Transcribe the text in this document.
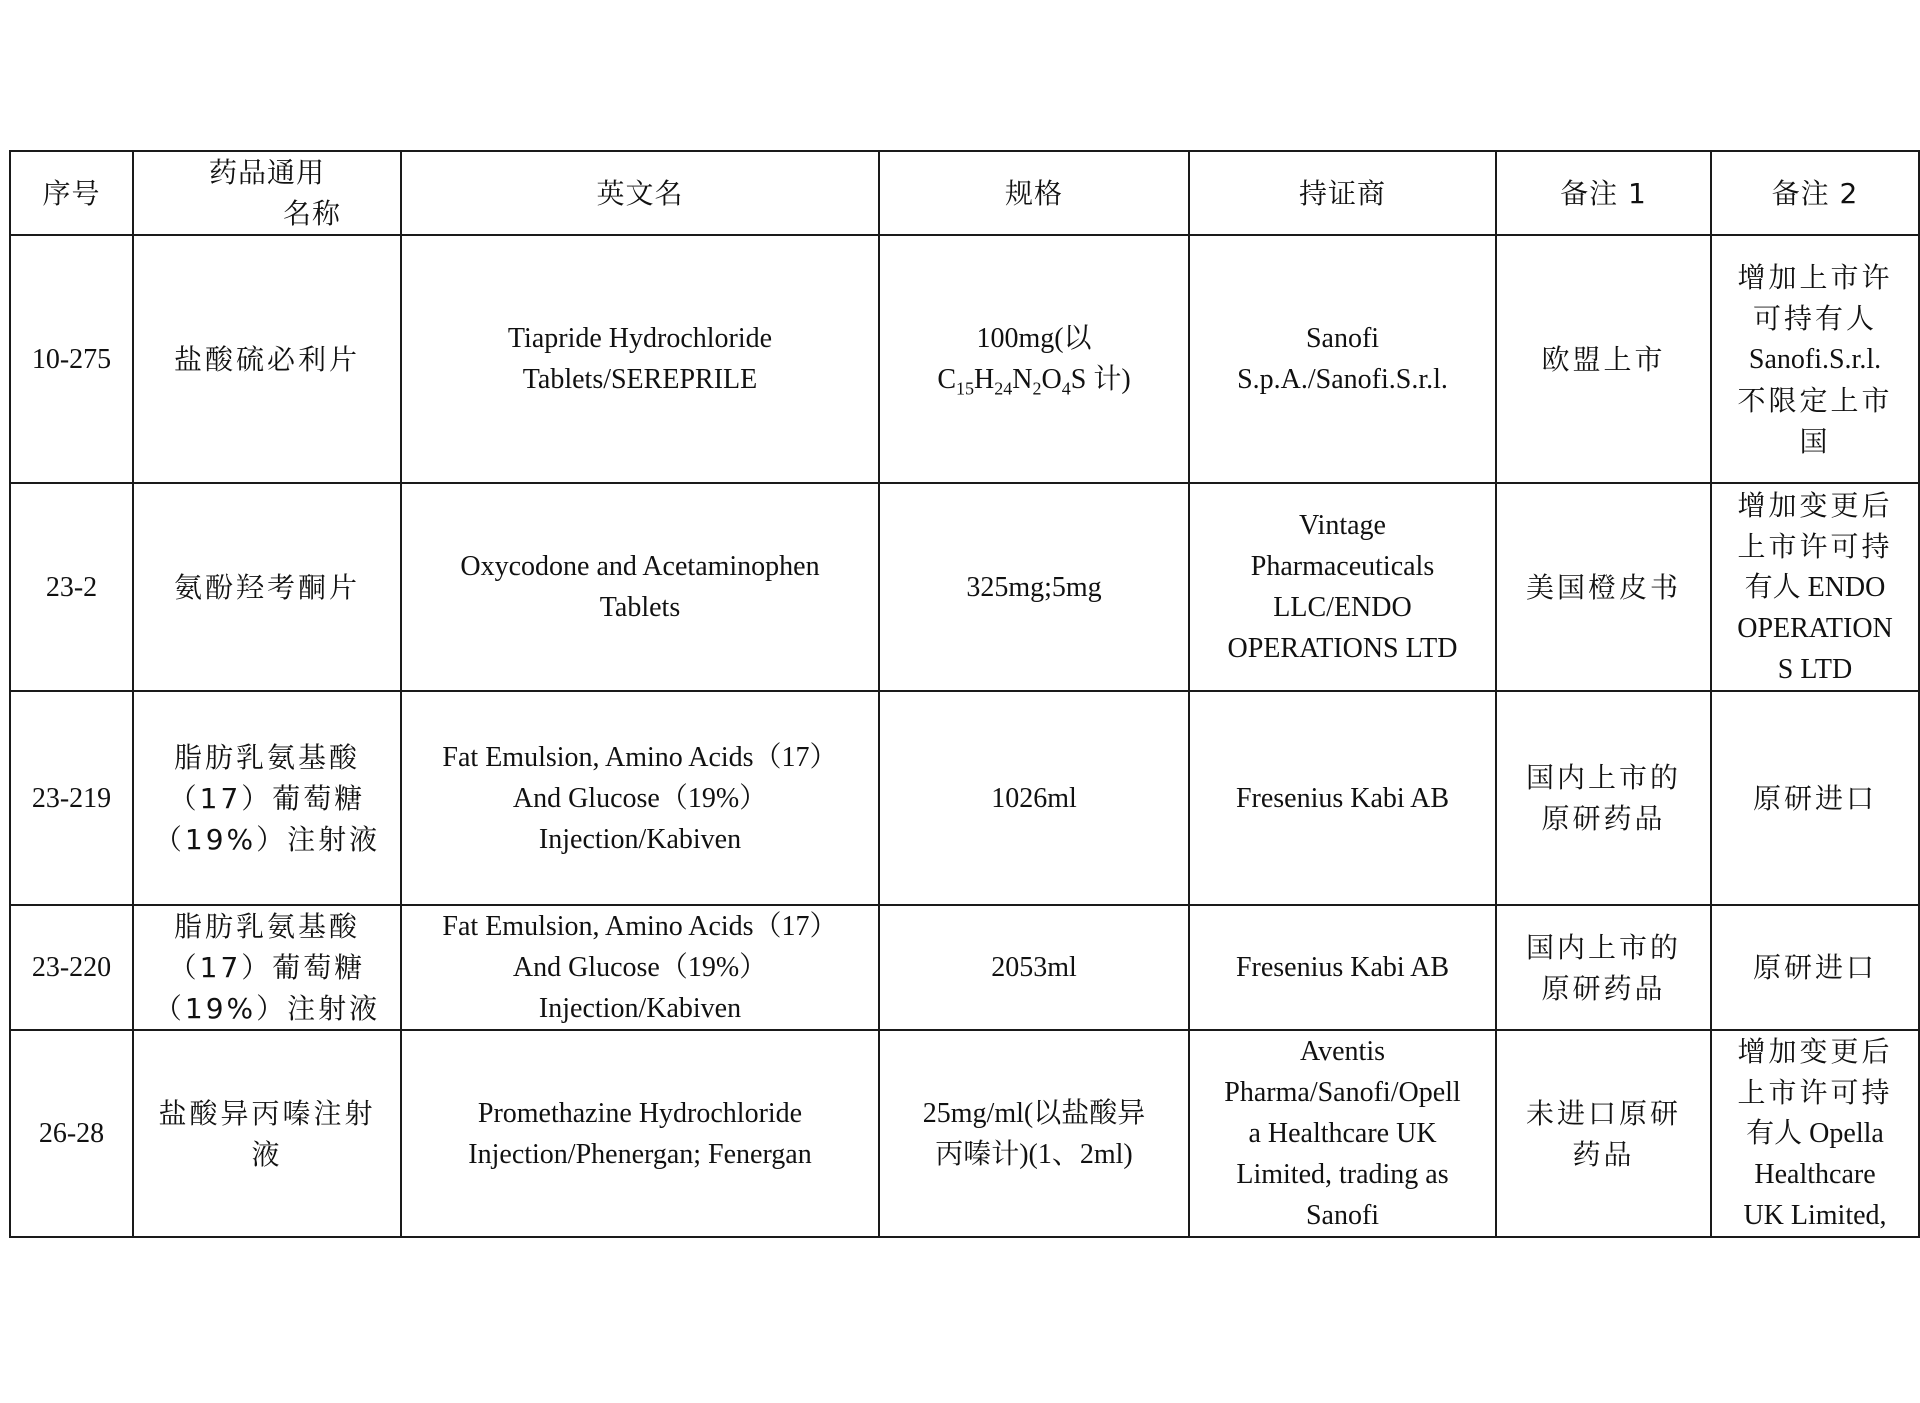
序号	药品通用
名称	英文名	规格	持证商	备注 1	备注 2
10-275	盐酸硫必利片	Tiapride Hydrochloride
Tablets/SEREPRILE	100mg(以
$C_{15}H_{24}N_2O_4S$ 计)	Sanofi
S.p.A./Sanofi.S.r.l.	欧盟上市	增加上市许
可持有人
Sanofi.S.r.l.
不限定上市
国

23-2	氨酚羟考酮片	Oxycodone and Acetaminophen
Tablets	325mg;5mg	Vintage
Pharmaceuticals
LLC/ENDO
OPERATIONS LTD	美国橙皮书	增加变更后
上市许可持
有人 ENDO
OPERATION
S LTD

23-219	脂肪乳氨基酸
（17）葡萄糖
（19%）注射液	Fat Emulsion, Amino Acids（17）
And Glucose（19%）
Injection/Kabiven	1026ml	Fresenius Kabi AB	国内上市的
原研药品	原研进口
23-220	脂肪乳氨基酸
（17）葡萄糖
（19%）注射液	Fat Emulsion, Amino Acids（17）
And Glucose（19%）
Injection/Kabiven	2053ml	Fresenius Kabi AB	国内上市的
原研药品	原研进口
26-28	盐酸异丙嗪注射
液	Promethazine Hydrochloride
Injection/Phenergan; Fenergan	25mg/ml(以盐酸异
丙嗪计)(1、2ml)	Aventis
Pharma/Sanofi/Opell
a Healthcare UK
Limited, trading as
Sanofi	未进口原研
药品	增加变更后
上市许可持
有人 Opella
Healthcare
UK Limited,
